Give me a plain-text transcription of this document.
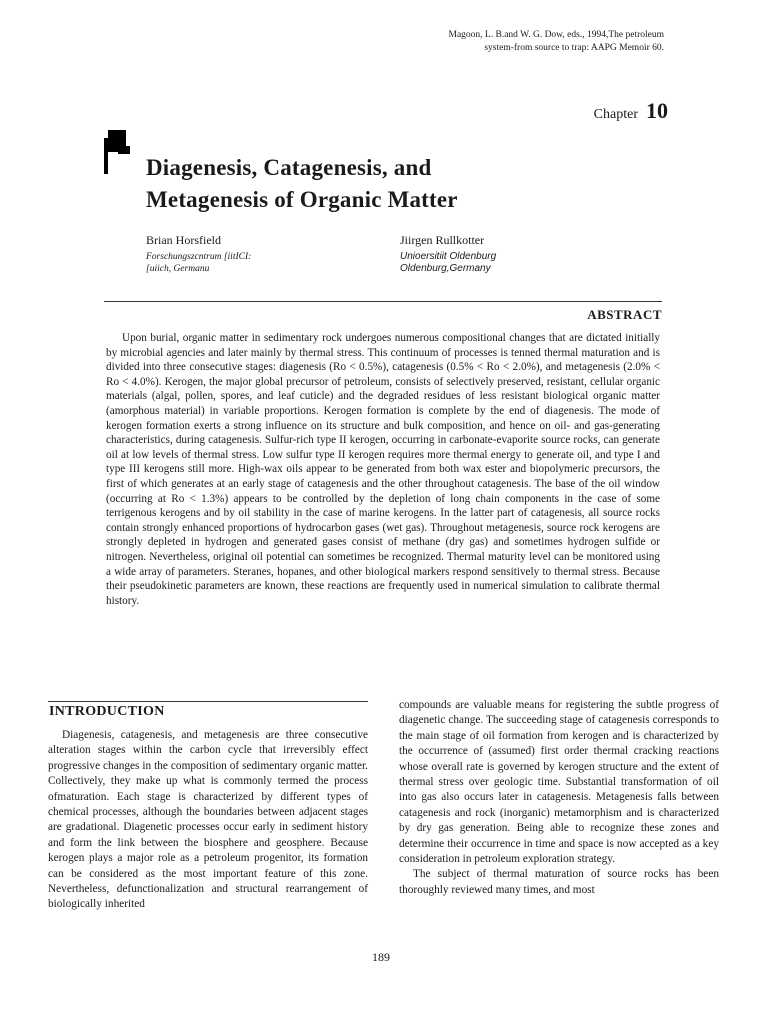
Magoon, L. B.and W. G. Dow, eds., 1994,The petroleum
system-from source to trap: AAPG Memoir 60.
Chapter 10
Diagenesis, Catagenesis, and
Metagenesis of Organic Matter
Brian Horsfield
Forschungszcntrum [iitICI:
[uiich, Germanu
Jiirgen Rullkotter
Unioersitiit Oldenburg
Oldenburg,Germany
ABSTRACT

Upon burial, organic matter in sedimentary rock undergoes numerous compositional changes that are dictated initially by microbial agencies and later mainly by thermal stress. This continuum of processes is tenned thermal maturation and is divided into three consecutive stages: diagenesis (Ro < 0.5%), catagenesis (0.5% < Ro < 2.0%), and metagenesis (2.0% < Ro < 4.0%). Kerogen, the major global precursor of petroleum, consists of selectively preserved, resistant, cellular organic materials (algal, pollen, spores, and leaf cuticle) and the degraded residues of less resistant biological organic matter (amorphous material) in variable proportions. Kerogen formation is complete by the end of diagenesis. The mode of kerogen formation exerts a strong influence on its structure and bulk composition, and hence on oil- and gas-generating characteristics, during catagenesis. Sulfur-rich type II kerogen, occurring in carbonate-evaporite source rocks, can generate oil at low levels of thermal stress. Low sulfur type II kerogen requires more thermal energy to generate oil, and type I and type III kerogens still more. High-wax oils appear to be generated from both wax ester and biopolymeric precursors, the first of which generates at an early stage of catagenesis and the other throughout catagenesis. The base of the oil window (occurring at Ro < 1.3%) appears to be controlled by the depletion of long chain components in the case of some terrigenous kerogens and by oil stability in the case of marine kerogens. In the latter part of catagenesis, all source rocks contain strongly enhanced proportions of hydrocarbon gases (wet gas). Throughout metagenesis, source rock kerogens are strongly depleted in hydrogen and generated gases consist of methane (dry gas) and sometimes hydrogen sulfide or nitrogen. Nevertheless, original oil potential can sometimes be recognized. Thermal maturity level can be monitored using a wide array of parameters. Steranes, hopanes, and other biological markers respond sensitively to thermal stress. Because their pseudokinetic parameters are known, these reactions are frequently used in numerical simulation to calibrate thermal history.

INTRODUCTION

Diagenesis, catagenesis, and metagenesis are three consecutive alteration stages within the carbon cycle that irreversibly effect progressive changes in the composition of sedimentary organic matter. Collectively, they make up what is commonly termed the process ofmaturation. Each stage is characterized by different types of chemical processes, although the boundaries between adjacent stages are gradational. Diagenetic processes occur early in sediment history and form the link between the biosphere and geosphere. Because kerogen plays a major role as a petroleum progenitor, its formation can be considered as the most important feature of this zone. Nevertheless, defunctionalization and structural rearrangement of biologically inherited

compounds are valuable means for registering the subtle progress of diagenetic change. The succeeding stage of catagenesis corresponds to the main stage of oil formation from kerogen and is characterized by the occurrence of (assumed) first order thermal cracking reactions whose overall rate is governed by kerogen structure and the extent of thermal stress over geologic time. Substantial transformation of oil into gas also occurs later in catagenesis. Metagenesis falls between catagenesis and rock (inorganic) metamorphism and is characterized by dry gas generation. Being able to recognize these zones and determine their occurrence in time and space is now accepted as a key consideration in petroleum exploration strategy.

The subject of thermal maturation of source rocks has been thoroughly reviewed many times, and most

189
